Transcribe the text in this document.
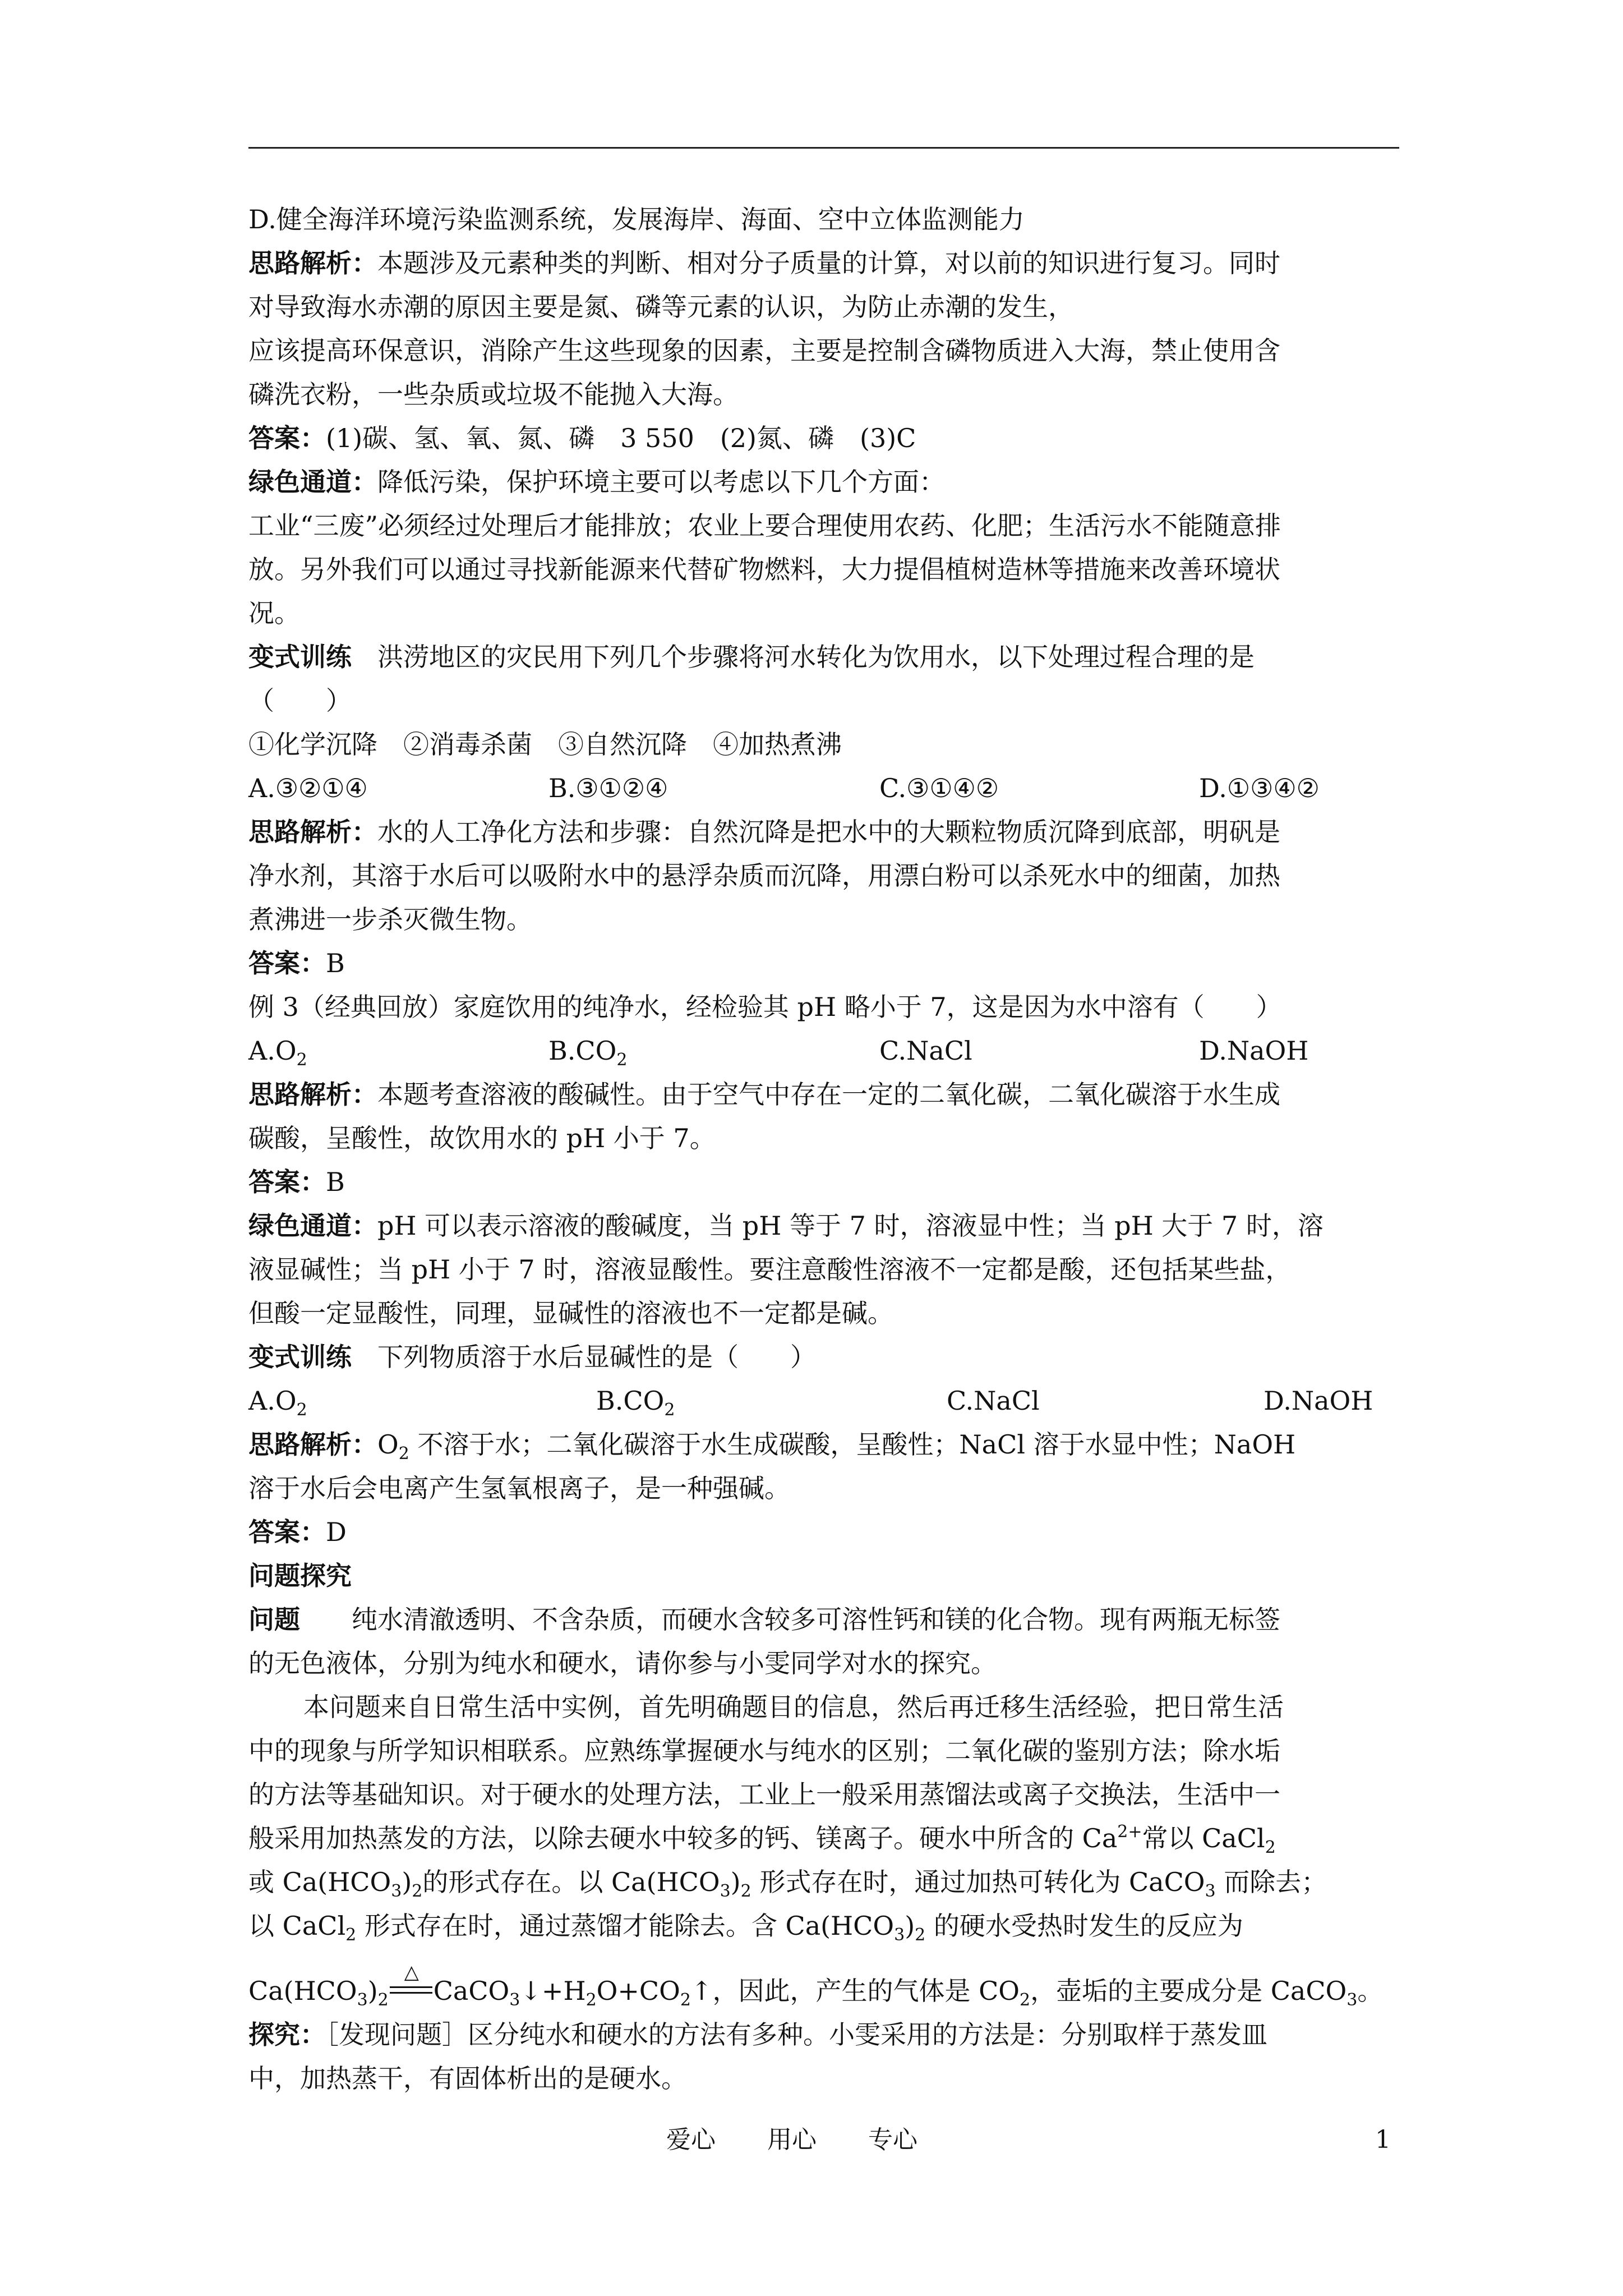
D.健全海洋环境污染监测系统，发展海岸、海面、空中立体监测能力

思路解析：本题涉及元素种类的判断、相对分子质量的计算，对以前的知识进行复习。同时

对导致海水赤潮的原因主要是氮、磷等元素的认识，为防止赤潮的发生，

应该提高环保意识，消除产生这些现象的因素，主要是控制含磷物质进入大海，禁止使用含

磷洗衣粉，一些杂质或垃圾不能抛入大海。

答案：(1)碳、氢、氧、氮、磷　3 550　(2)氮、磷　(3)C

绿色通道：降低污染，保护环境主要可以考虑以下几个方面：

工业“三废”必须经过处理后才能排放；农业上要合理使用农药、化肥；生活污水不能随意排

放。另外我们可以通过寻找新能源来代替矿物燃料，大力提倡植树造林等措施来改善环境状

况。

变式训练　洪涝地区的灾民用下列几个步骤将河水转化为饮用水，以下处理过程合理的是

（　　）

①化学沉降　②消毒杀菌　③自然沉降　④加热煮沸

A.③②①④	B.③①②④	C.③①④②	D.①③④②

思路解析：水的人工净化方法和步骤：自然沉降是把水中的大颗粒物质沉降到底部，明矾是

净水剂，其溶于水后可以吸附水中的悬浮杂质而沉降，用漂白粉可以杀死水中的细菌，加热

煮沸进一步杀灭微生物。

答案：B

例 3（经典回放）家庭饮用的纯净水，经检验其 pH 略小于 7，这是因为水中溶有（　　）

$A.O_2$	$B.CO_2$	C.NaCl	D.NaOH

思路解析：本题考查溶液的酸碱性。由于空气中存在一定的二氧化碳，二氧化碳溶于水生成

碳酸，呈酸性，故饮用水的 pH 小于 7。

答案：B

绿色通道：pH 可以表示溶液的酸碱度，当 pH 等于 7 时，溶液显中性；当 pH 大于 7 时，溶

液显碱性；当 pH 小于 7 时，溶液显酸性。要注意酸性溶液不一定都是酸，还包括某些盐，

但酸一定显酸性，同理，显碱性的溶液也不一定都是碱。

变式训练　下列物质溶于水后显碱性的是（　　）

$A.O_2$	$B.CO_2$	C.NaCl	D.NaOH

思路解析：$O_2$ 不溶于水；二氧化碳溶于水生成碳酸，呈酸性；NaCl 溶于水显中性；NaOH

溶于水后会电离产生氢氧根离子，是一种强碱。

答案：D

问题探究

问题　　纯水清澈透明、不含杂质，而硬水含较多可溶性钙和镁的化合物。现有两瓶无标签

的无色液体，分别为纯水和硬水，请你参与小雯同学对水的探究。

本问题来自日常生活中实例，首先明确题目的信息，然后再迁移生活经验，把日常生活

中的现象与所学知识相联系。应熟练掌握硬水与纯水的区别；二氧化碳的鉴别方法；除水垢

的方法等基础知识。对于硬水的处理方法，工业上一般采用蒸馏法或离子交换法，生活中一

般采用加热蒸发的方法，以除去硬水中较多的钙、镁离子。硬水中所含的 $Ca^{2+}$常以 CaCl$_2$

或 $Ca(HCO_3)_2$的形式存在。以 $Ca(HCO_3)_2$ 形式存在时，通过加热可转化为 CaCO$_3$ 而除去；

以 CaCl$_2$ 形式存在时，通过蒸馏才能除去。含 $Ca(HCO_3)_2$ 的硬水受热时发生的反应为

$Ca(HCO_3)_2$
△
$CaCO_3↓+H_2O+CO_2↑$，因此，产生的气体是 $CO_2$，壶垢的主要成分是 CaCO$_3$。

探究：［发现问题］区分纯水和硬水的方法有多种。小雯采用的方法是：分别取样于蒸发皿

中，加热蒸干，有固体析出的是硬水。

爱心 用心 专心	1
